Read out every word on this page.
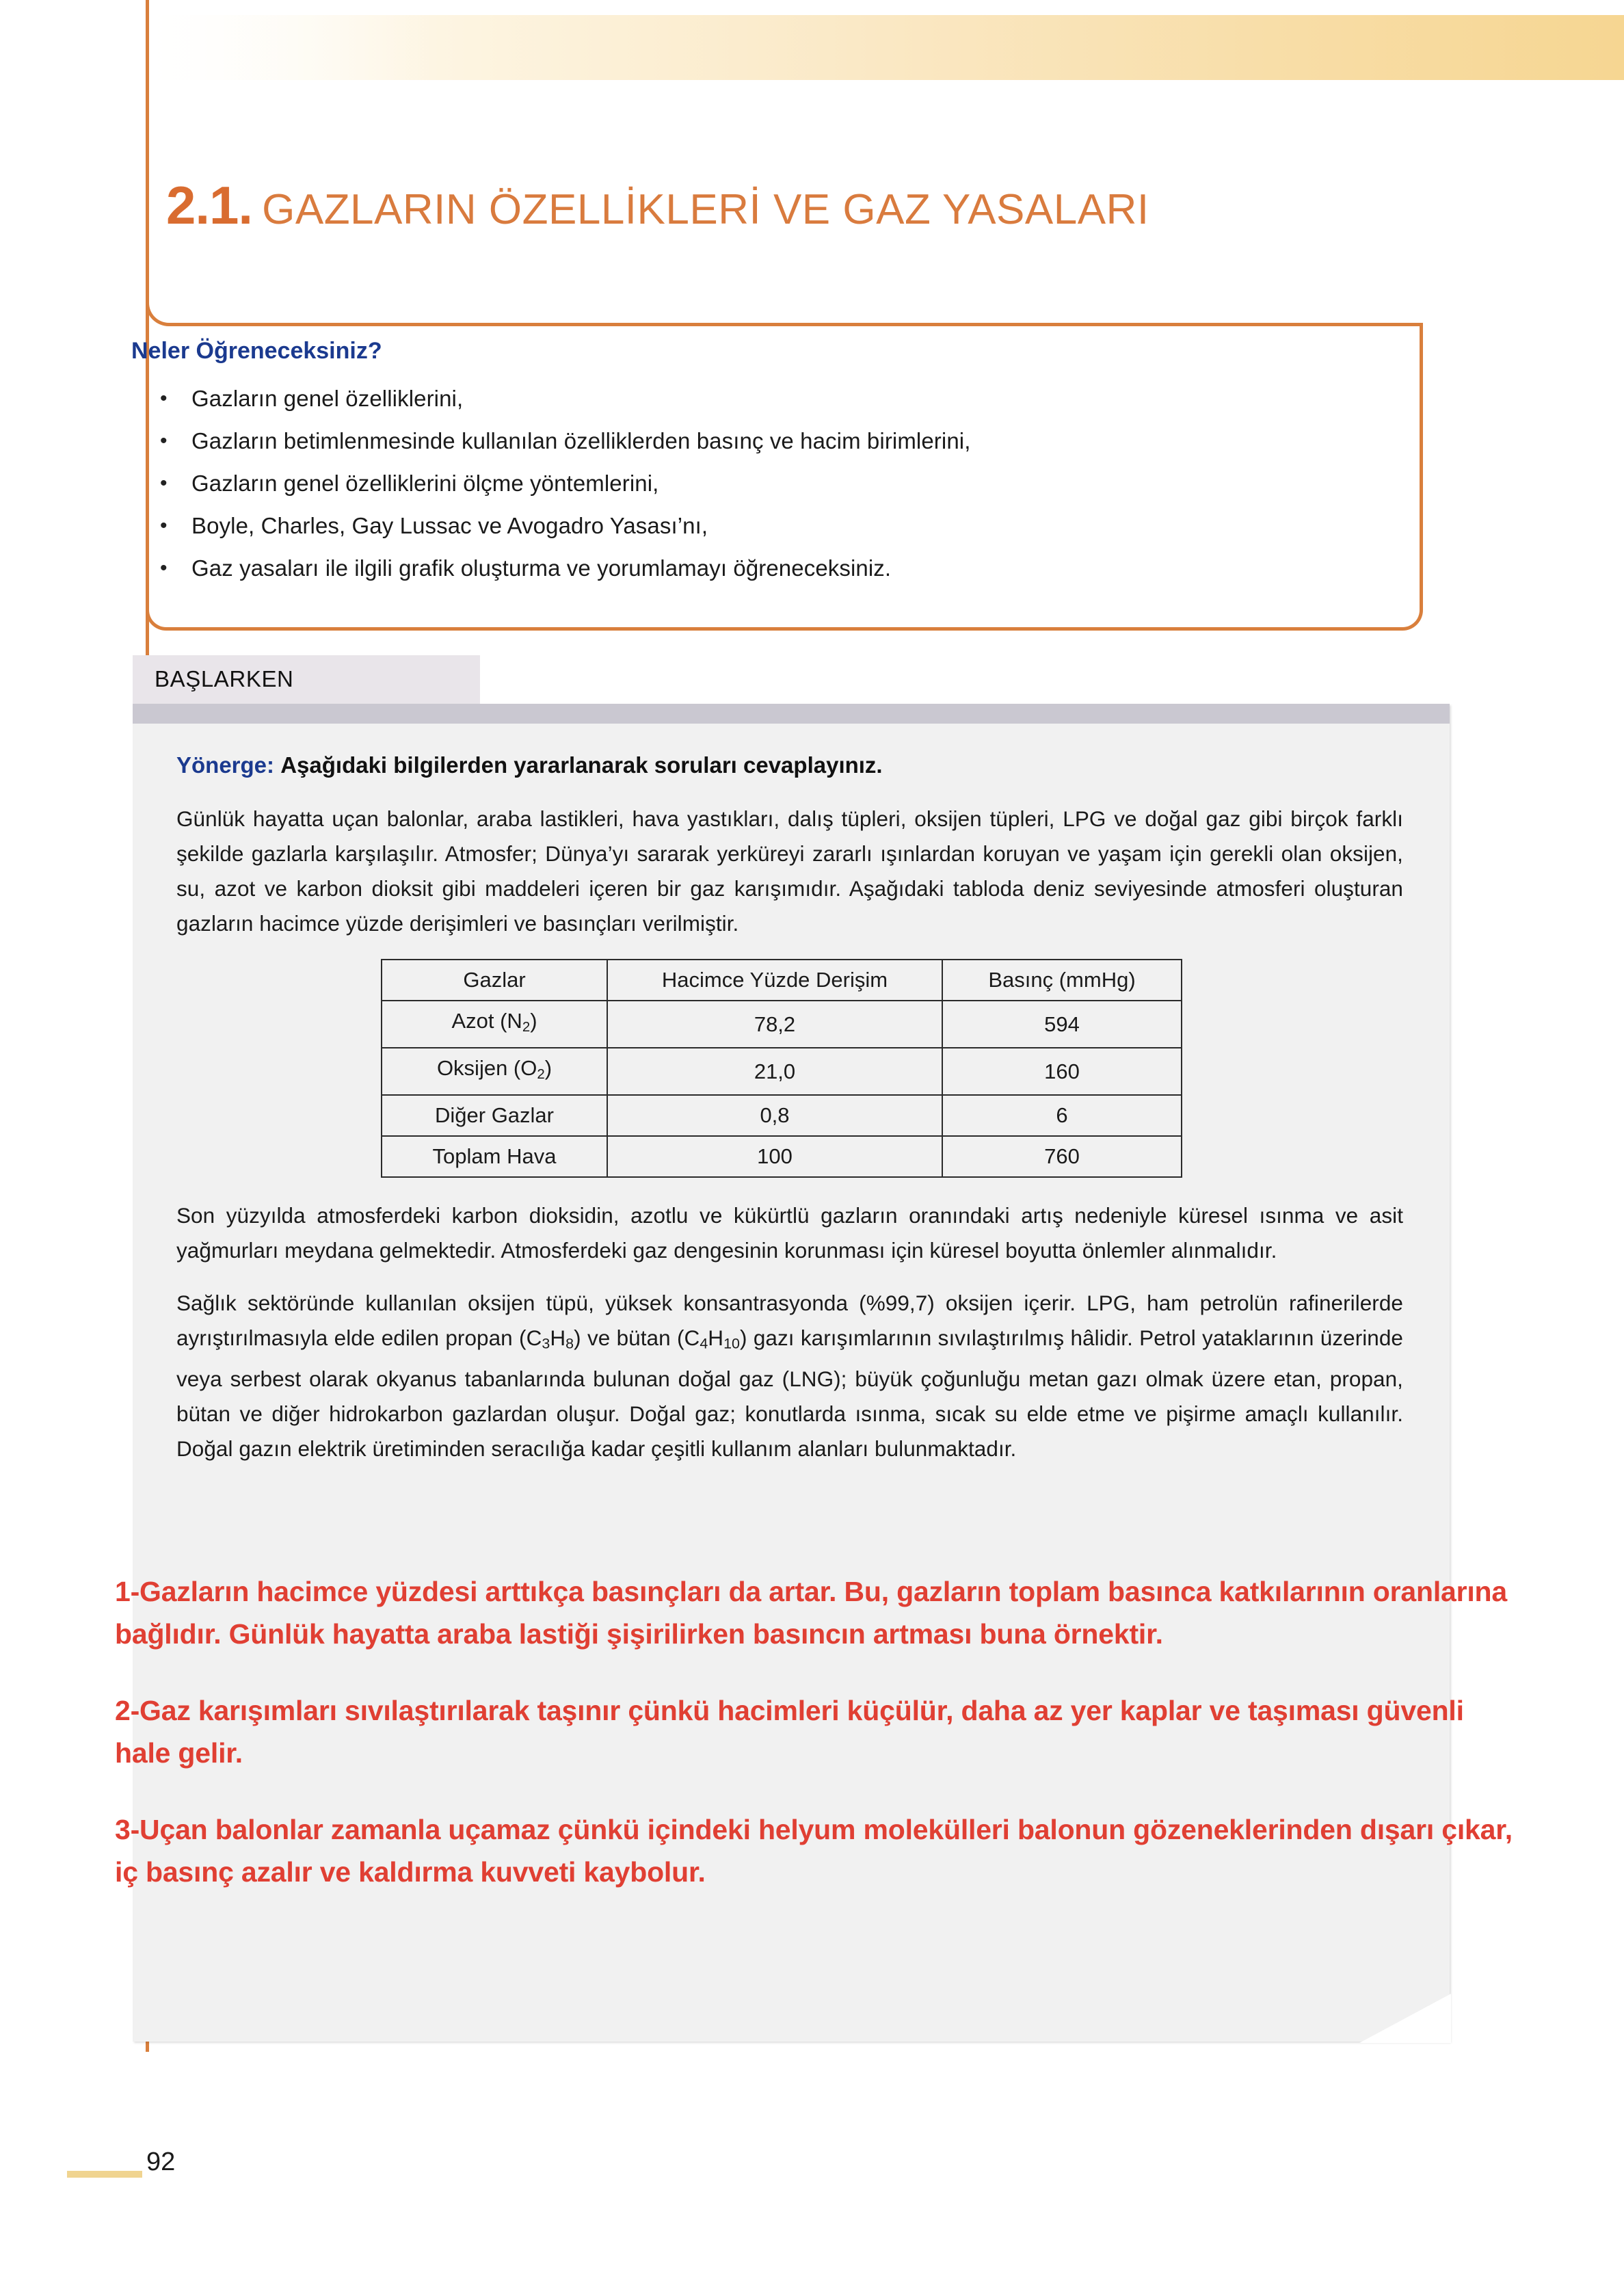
2.1. GAZLARIN ÖZELLİKLERİ VE GAZ YASALARI
Neler Öğreneceksiniz?
• Gazların genel özelliklerini,
• Gazların betimlenmesinde kullanılan özelliklerden basınç ve hacim birimlerini,
• Gazların genel özelliklerini ölçme yöntemlerini,
• Boyle, Charles, Gay Lussac ve Avogadro Yasası’nı,
• Gaz yasaları ile ilgili grafik oluşturma ve yorumlamayı öğreneceksiniz.
BAŞLARKEN
Yönerge: Aşağıdaki bilgilerden yararlanarak soruları cevaplayınız.
Günlük hayatta uçan balonlar, araba lastikleri, hava yastıkları, dalış tüpleri, oksijen tüpleri, LPG ve doğal gaz gibi birçok farklı şekilde gazlarla karşılaşılır. Atmosfer; Dünya’yı sararak yerküreyi zararlı ışınlardan koruyan ve yaşam için gerekli olan oksijen, su, azot ve karbon dioksit gibi maddeleri içeren bir gaz karışımıdır. Aşağıdaki tabloda deniz seviyesinde atmosferi oluşturan gazların hacimce yüzde derişimleri ve basınçları verilmiştir.
Gazlar	Hacimce Yüzde Derişim	Basınç (mmHg)
Azot $(N_2)$	78,2	594
Oksijen $(O_2)$	21,0	160
Diğer Gazlar	0,8	6
Toplam Hava	100	760
Son yüzyılda atmosferdeki karbon dioksidin, azotlu ve kükürtlü gazların oranındaki artış nedeniyle küresel ısınma ve asit yağmurları meydana gelmektedir. Atmosferdeki gaz dengesinin korunması için küresel boyutta önlemler alınmalıdır.
Sağlık sektöründe kullanılan oksijen tüpü, yüksek konsantrasyonda (%99,7) oksijen içerir. LPG, ham petrolün rafinerilerde ayrıştırılmasıyla elde edilen propan $(C_3H_8)$ ve bütan $(C_4H_{10})$ gazı karışımlarının sıvılaştırılmış hâlidir. Petrol yataklarının üzerinde veya serbest olarak okyanus tabanlarında bulunan doğal gaz (LNG); büyük çoğunluğu metan gazı olmak üzere etan, propan, bütan ve diğer hidrokarbon gazlardan oluşur. Doğal gaz; konutlarda ısınma, sıcak su elde etme ve pişirme amaçlı kullanılır. Doğal gazın elektrik üretiminden seracılığa kadar çeşitli kullanım alanları bulunmaktadır.
1-Gazların hacimce yüzdesi arttıkça basınçları da artar. Bu, gazların toplam basınca katkılarının oranlarına bağlıdır. Günlük hayatta araba lastiği şişirilirken basıncın artması buna örnektir.
2-Gaz karışımları sıvılaştırılarak taşınır çünkü hacimleri küçülür, daha az yer kaplar ve taşıması güvenli hale gelir.
3-Uçan balonlar zamanla uçamaz çünkü içindeki helyum molekülleri balonun gözeneklerinden dışarı çıkar, iç basınç azalır ve kaldırma kuvveti kaybolur.
92
